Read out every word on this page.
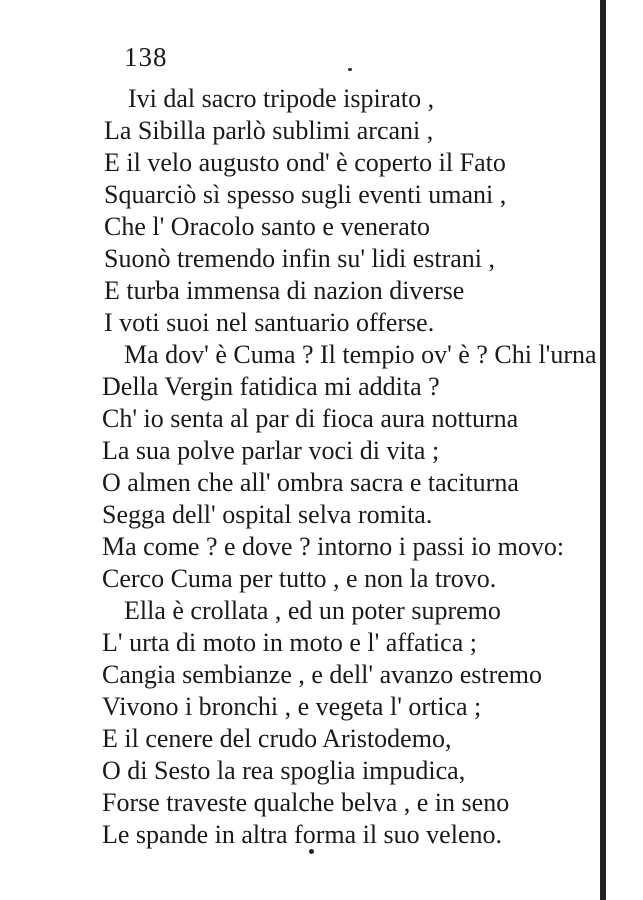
138
Ivi dal sacro tripode ispirato ,
La Sibilla parlò sublimi arcani ,
E il velo augusto ond' è coperto il Fato
Squarciò sì spesso sugli eventi umani ,
Che l' Oracolo santo e venerato
Suonò tremendo infin su' lidi estrani ,
E turba immensa di nazion diverse
I voti suoi nel santuario offerse.
Ma dov' è Cuma ? Il tempio ov' è ? Chi l'urna
Della Vergin fatidica mi addita ?
Ch' io senta al par di fioca aura notturna
La sua polve parlar voci di vita ;
O almen che all' ombra sacra e taciturna
Segga dell' ospital selva romita.
Ma come ? e dove ? intorno i passi io movo:
Cerco Cuma per tutto , e non la trovo.
Ella è crollata , ed un poter supremo
L' urta di moto in moto e l' affatica ;
Cangia sembianze , e dell' avanzo estremo
Vivono i bronchi , e vegeta l' ortica ;
E il cenere del crudo Aristodemo,
O di Sesto la rea spoglia impudica,
Forse traveste qualche belva , e in seno
Le spande in altra forma il suo veleno.
